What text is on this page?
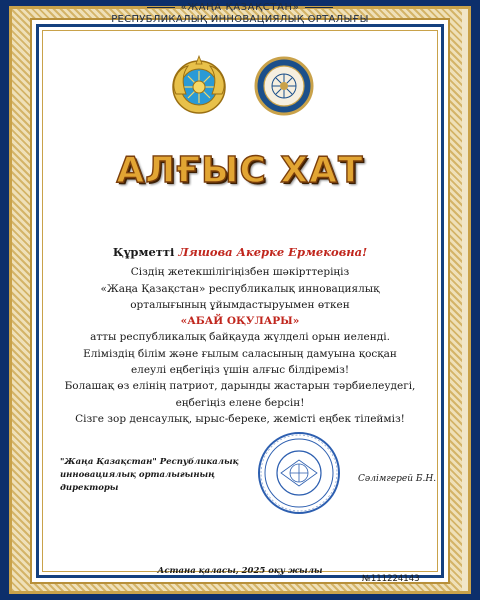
«ЖАҢА ҚАЗАҚСТАН»
РЕСПУБЛИКАЛЫҚ ИННОВАЦИЯЛЫҚ ОРТАЛЫҒЫ
АЛҒЫС ХАТ
Құрметті Ляшова Акерке Ермековна!
Сіздің жетекшілігіңізбен шәкірттеріңіз
«Жаңа Қазақстан» республикалық инновациялық
орталығының ұйымдастыруымен өткен
«АБАЙ ОҚУЛАРЫ»
атты республикалық байқауда жүлделі орын иеленді.
Еліміздің білім және ғылым саласының дамуына қосқан
елеулі еңбегіңіз үшін алғыс білдіреміз!
Болашақ өз елінің патриот, дарынды жастарын тәрбиелеудегі,
еңбегіңіз елене берсін!
Сізге зор денсаулық, ырыс-береке, жемісті еңбек тілейміз!
"Жаңа Қазақстан" Республикалық
инновациялық орталығының директоры
Сәлімгерей Б.Н.
Астана қаласы, 2025 оқу жылы
№111224143
